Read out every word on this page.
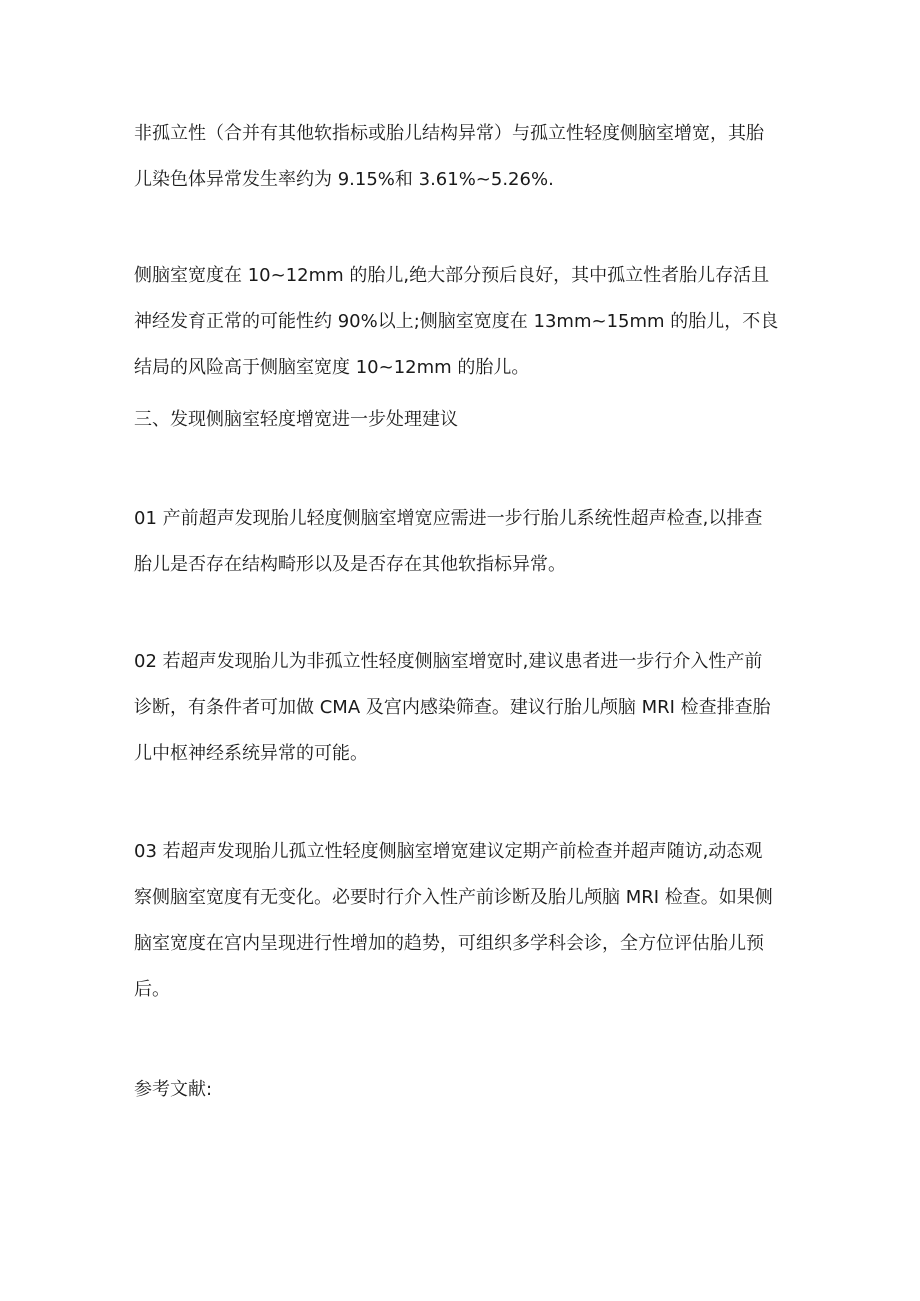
非孤立性（合并有其他软指标或胎儿结构异常）与孤立性轻度侧脑室增宽，其胎
儿染色体异常发生率约为 9.15%和 3.61%~5.26%.

侧脑室宽度在 10~12mm 的胎儿,绝大部分预后良好，其中孤立性者胎儿存活且
神经发育正常的可能性约 90%以上;侧脑室宽度在 13mm~15mm 的胎儿，不良
结局的风险高于侧脑室宽度 10~12mm 的胎儿。

三、发现侧脑室轻度增宽进一步处理建议

01 产前超声发现胎儿轻度侧脑室增宽应需进一步行胎儿系统性超声检查,以排查
胎儿是否存在结构畸形以及是否存在其他软指标异常。

02 若超声发现胎儿为非孤立性轻度侧脑室增宽时,建议患者进一步行介入性产前
诊断，有条件者可加做 CMA 及宫内感染筛查。建议行胎儿颅脑 MRI 检查排查胎
儿中枢神经系统异常的可能。

03 若超声发现胎儿孤立性轻度侧脑室增宽建议定期产前检查并超声随访,动态观
察侧脑室宽度有无变化。必要时行介入性产前诊断及胎儿颅脑 MRI 检查。如果侧
脑室宽度在宫内呈现进行性增加的趋势，可组织多学科会诊，全方位评估胎儿预
后。

参考文献:
